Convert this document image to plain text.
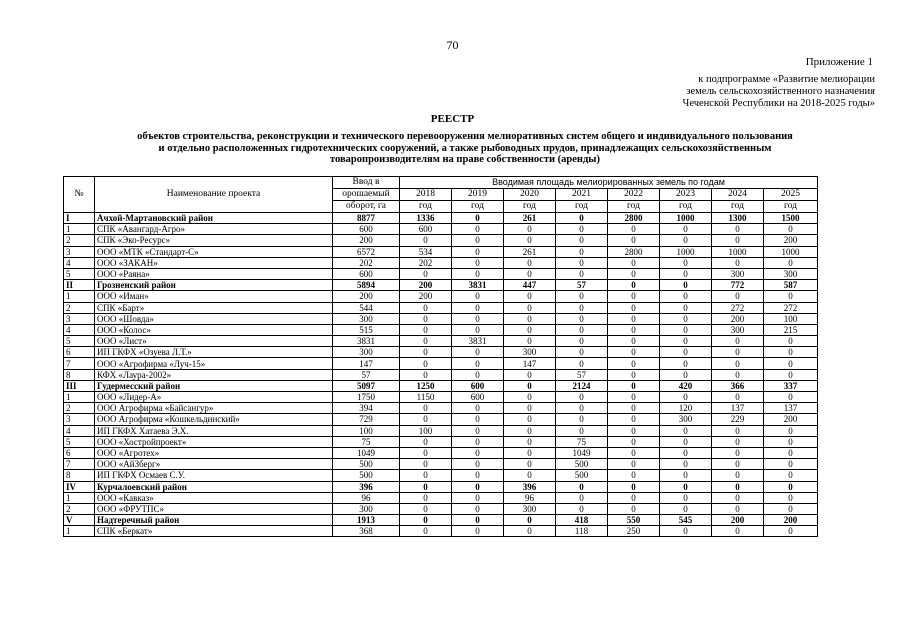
70
Приложение 1
к подпрограмме «Развитие мелиорации
земель сельскохозяйственного назначения
Чеченской Республики на 2018-2025 годы»
РЕЕСТР
объектов строительства, реконструкции и технического перевооружения мелиоративных систем общего и индивидуального пользования
и отдельно расположенных гидротехнических сооружений, а также рыбоводных прудов, принадлежащих сельскохозяйственным
товаропроизводителям на праве собственности (аренды)
№	Наименование проекта	Ввод в	Вводимая площадь мелиорированных земель по годам							
		орошаемый	2018	2019	2020	2021	2022	2023	2024	2025
		оборот, га	год	год	год	год	год	год	год	год
I	Ачхой-Мартановский район	8877	1336	0	261	0	2800	1000	1300	1500
1	СПК «Авангард-Агро»	600	600	0	0	0	0	0	0	0
2	СПК «Эко-Ресурс»	200	0	0	0	0	0	0	0	200
3	ООО «МТК «Стандарт-С»	6572	534	0	261	0	2800	1000	1000	1000
4	ООО «ЗАКАН»	202	202	0	0	0	0	0	0	0
5	ООО «Раяна»	600	0	0	0	0	0	0	300	300
II	Грозненский район	5894	200	3831	447	57	0	0	772	587
1	ООО «Иман»	200	200	0	0	0	0	0	0	0
2	СПК «Барт»	544	0	0	0	0	0	0	272	272
3	ООО «Шовда»	300	0	0	0	0	0	0	200	100
4	ООО «Колос»	515	0	0	0	0	0	0	300	215
5	ООО «Лист»	3831	0	3831	0	0	0	0	0	0
6	ИП ГКФХ «Озуева Л.Т.»	300	0	0	300	0	0	0	0	0
7	ООО «Агрофирма «Луч-15»	147	0	0	147	0	0	0	0	0
8	КФХ «Лаура-2002»	57	0	0	0	57	0	0	0	0
III	Гудермесский район	5097	1250	600	0	2124	0	420	366	337
1	ООО «Лидер-А»	1750	1150	600	0	0	0	0	0	0
2	ООО Агрофирма «Байсангур»	394	0	0	0	0	0	120	137	137
3	ООО Агрофирма «Кошкельдинский»	729	0	0	0	0	0	300	229	200
4	ИП ГКФХ Хатаева Э.Х.	100	100	0	0	0	0	0	0	0
5	ООО «Хостройпроект»	75	0	0	0	75	0	0	0	0
6	ООО «Агротех»	1049	0	0	0	1049	0	0	0	0
7	ООО «АйЗберг»	500	0	0	0	500	0	0	0	0
8	ИП ГКФХ Осмаев С.У.	500	0	0	0	500	0	0	0	0
IV	Курчалоевский район	396	0	0	396	0	0	0	0	0
1	ООО «Кавказ»	96	0	0	96	0	0	0	0	0
2	ООО «ФРУТПС»	300	0	0	300	0	0	0	0	0
V	Надтеречный район	1913	0	0	0	418	550	545	200	200
1	СПК «Беркат»	368	0	0	0	118	250	0	0	0
